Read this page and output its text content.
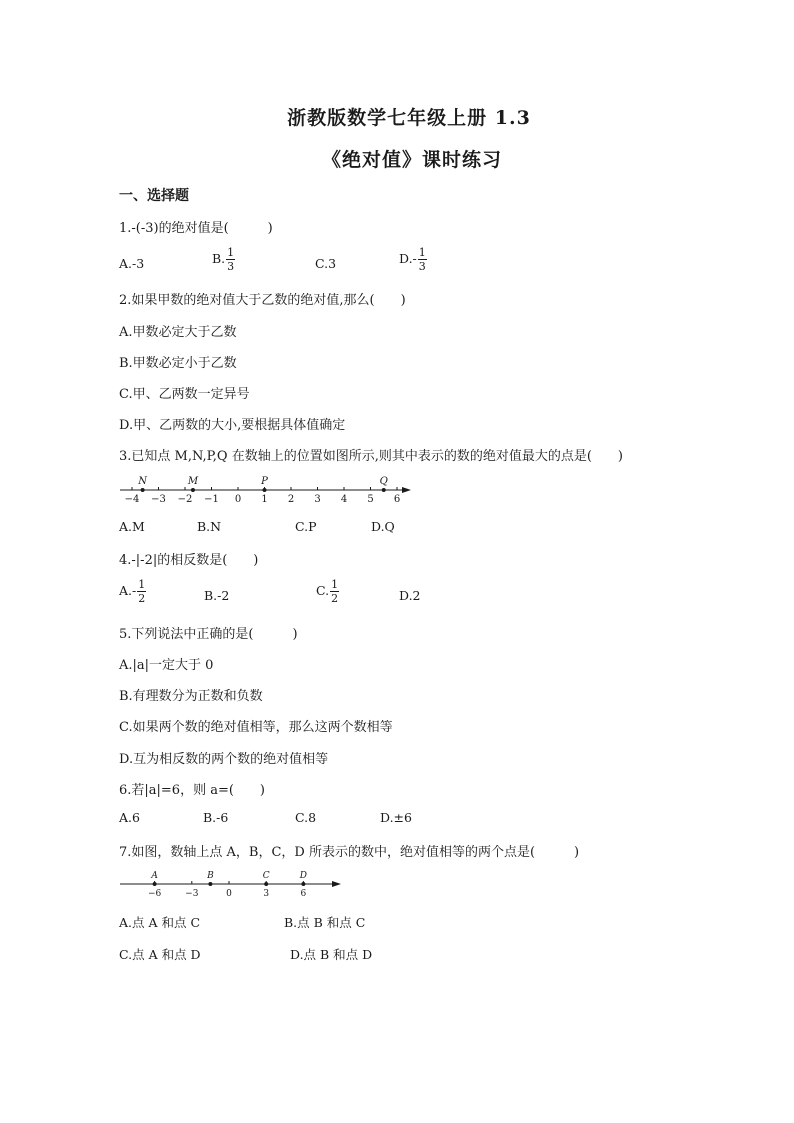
浙教版数学七年级上册 1.3
《绝对值》课时练习
一、选择题
1.-(-3)的绝对值是(　　　)
A.-3	B. $\frac{1}{3}$	C.3	$D.- \frac{1}{3}$
2.如果甲数的绝对值大于乙数的绝对值,那么(　　)
A.甲数必定大于乙数
B.甲数必定小于乙数
C.甲、乙两数一定异号
D.甲、乙两数的大小,要根据具体值确定
3.已知点 M,N,P,Q 在数轴上的位置如图所示,则其中表示的数的绝对值最大的点是(　　)
−4 −3 −2 −1 0 1 2 3 4 5 6
N	M	P	Q
A.M	B.N	C.P	D.Q
4.-|-2|的相反数是(　　)
$A.- \frac{1}{2}$	B.-2	C. $\frac{1}{2}$	D.2
5.下列说法中正确的是(　　　)
A.|a|一定大于 0
B.有理数分为正数和负数
C.如果两个数的绝对值相等，那么这两个数相等
D.互为相反数的两个数的绝对值相等
6.若|a|=6，则 a=(　　)
A.6	B.-6	C.8	D.±6
7.如图，数轴上点 A，B，C，D 所表示的数中，绝对值相等的两个点是(　　　)
−6	−3	0	3	6
A	B	C	D
A.点 A 和点 C	B.点 B 和点 C
C.点 A 和点 D	D.点 B 和点 D
